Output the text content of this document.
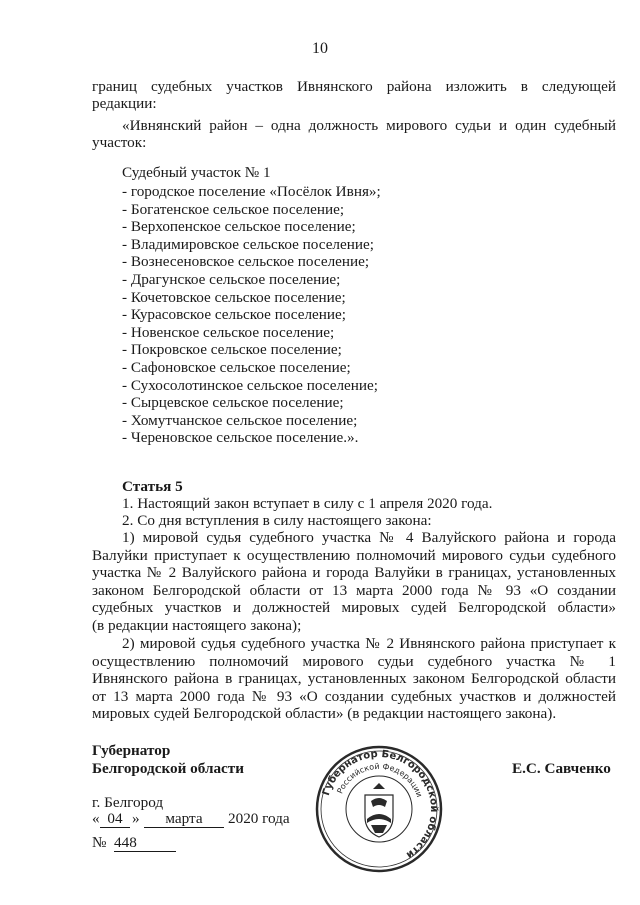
10
границ судебных участков Ивнянского района изложить в следующей
редакции:
«Ивнянский район – одна должность мирового судьи и один судебный
участок:
Судебный участок № 1
- городское поселение «Посёлок Ивня»;
- Богатенское сельское поселение;
- Верхопенское сельское поселение;
- Владимировское сельское поселение;
- Вознесеновское сельское поселение;
- Драгунское сельское поселение;
- Кочетовское сельское поселение;
- Курасовское сельское поселение;
- Новенское сельское поселение;
- Покровское сельское поселение;
- Сафоновское сельское поселение;
- Сухосолотинское сельское поселение;
- Сырцевское сельское поселение;
- Хомутчанское сельское поселение;
- Череновское сельское поселение.».
Статья 5
1. Настоящий закон вступает в силу с 1 апреля 2020 года.
2. Со дня вступления в силу настоящего закона:
1) мировой судья судебного участка № 4 Валуйского района и города
Валуйки приступает к осуществлению полномочий мирового судьи судебного
участка № 2 Валуйского района и города Валуйки в границах, установленных
законом Белгородской области от 13 марта 2000 года № 93 «О создании
судебных участков и должностей мировых судей Белгородской области»
(в редакции настоящего закона);
2) мировой судья судебного участка № 2 Ивнянского района приступает к
осуществлению полномочий мирового судьи судебного участка № 1
Ивнянского района в границах, установленных законом Белгородской области
от 13 марта 2000 года № 93 «О создании судебных участков и должностей
мировых судей Белгородской области» (в редакции настоящего закона).
Губернатор
Белгородской области	Е.С. Савченко
г. Белгород
« 04 »	марта	2020 года
№ 448
Губернатор Белгородской области
Российской Федерации
